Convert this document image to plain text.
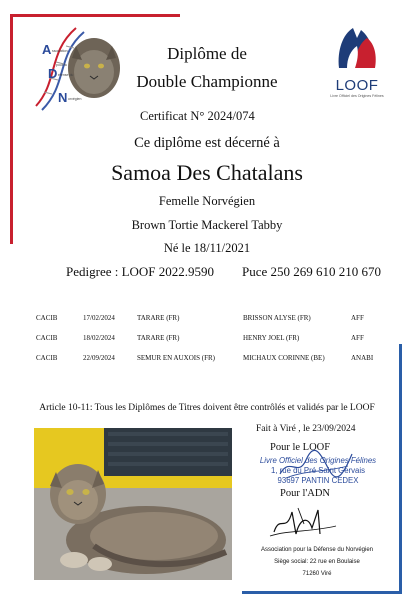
A
D
N
ssociation
pour la
éfense du
orvégien
LOOF
Livre Officiel des Origines Félines
Diplôme de
Double Championne
Certificat N° 2024/074
Ce diplôme est décerné à
Samoa Des Chatalans
Femelle Norvégien
Brown Tortie Mackerel Tabby
Né le 18/11/2021
Pedigree : LOOF 2022.9590 Puce 250 269 610 210 670
CACIB	17/02/2024	TARARE (FR)	BRISSON ALYSE (FR)	AFF
CACIB	18/02/2024	TARARE (FR)	HENRY JOEL (FR)	AFF
CACIB	22/09/2024	SEMUR EN AUXOIS (FR)	MICHAUX CORINNE (BE)	ANABI
Article 10-11: Tous les Diplômes de Titres doivent être contrôlés et validés par le LOOF
Fait à Viré , le 23/09/2024
Pour le LOOF
Livre Officiel des Origines Félines
1, rue du Pré Saint Gervais
93697 PANTIN CEDEX
Pour l'ADN
Association pour la Défense du Norvégien
Siège social: 22 rue en Boulaise
71260 Viré
